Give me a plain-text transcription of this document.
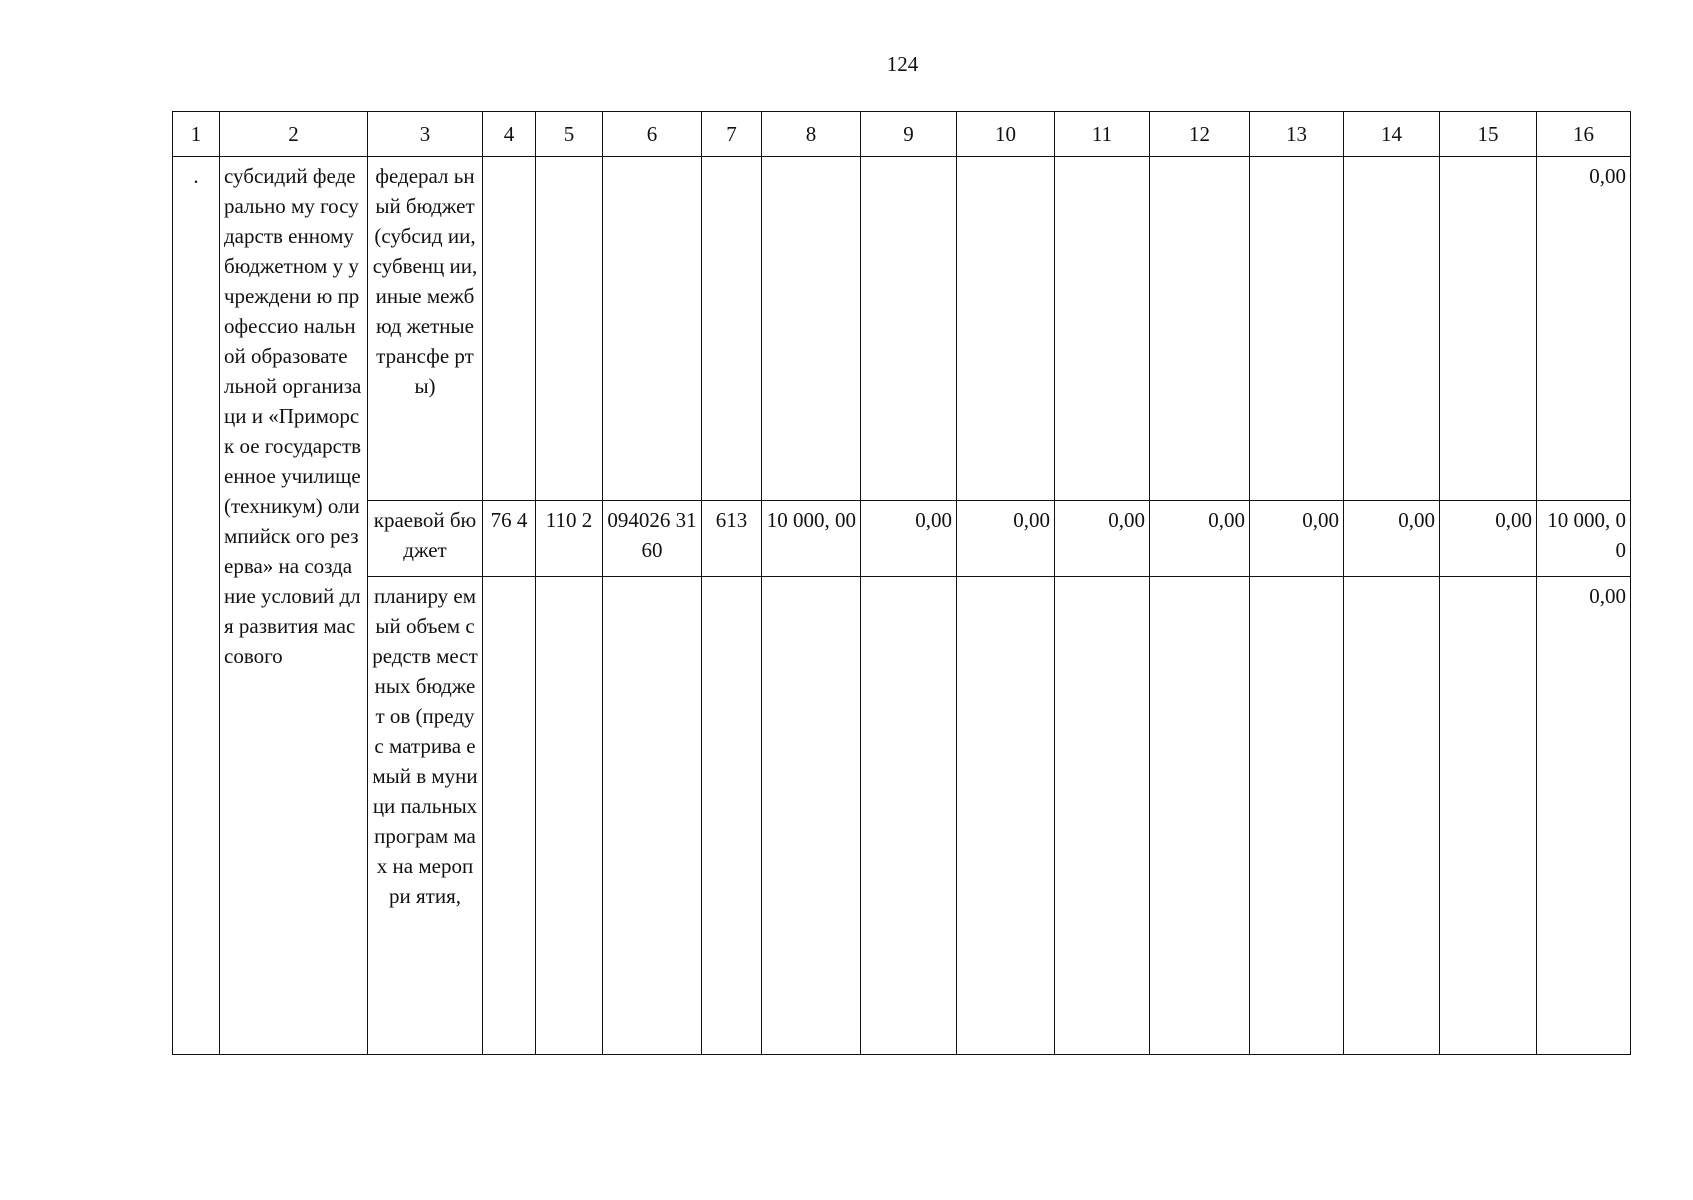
124
1	2	3	4	5	6	7	8	9	10	11	12	13	14	15	16
.	субсидий федерально му государств енному бюджетном у учреждени ю профессио нальной образовате льной организаци и «Приморск ое государств енное училище (техникум) олимпийск ого резерва» на создание условий для развития массового	федерал ьный бюджет (субсид ии, субвенц ии, иные межбюд жетные трансфе рты)													0,00
		краевой бюджет	76 4	110 2	094026 3160	613	10 000, 00	0,00	0,00	0,00	0,00	0,00	0,00	0,00	10 000, 00
		планиру емый объем средств местных бюджет ов (предус матрива емый в муници пальных програм мах на меропри ятия,													0,00
